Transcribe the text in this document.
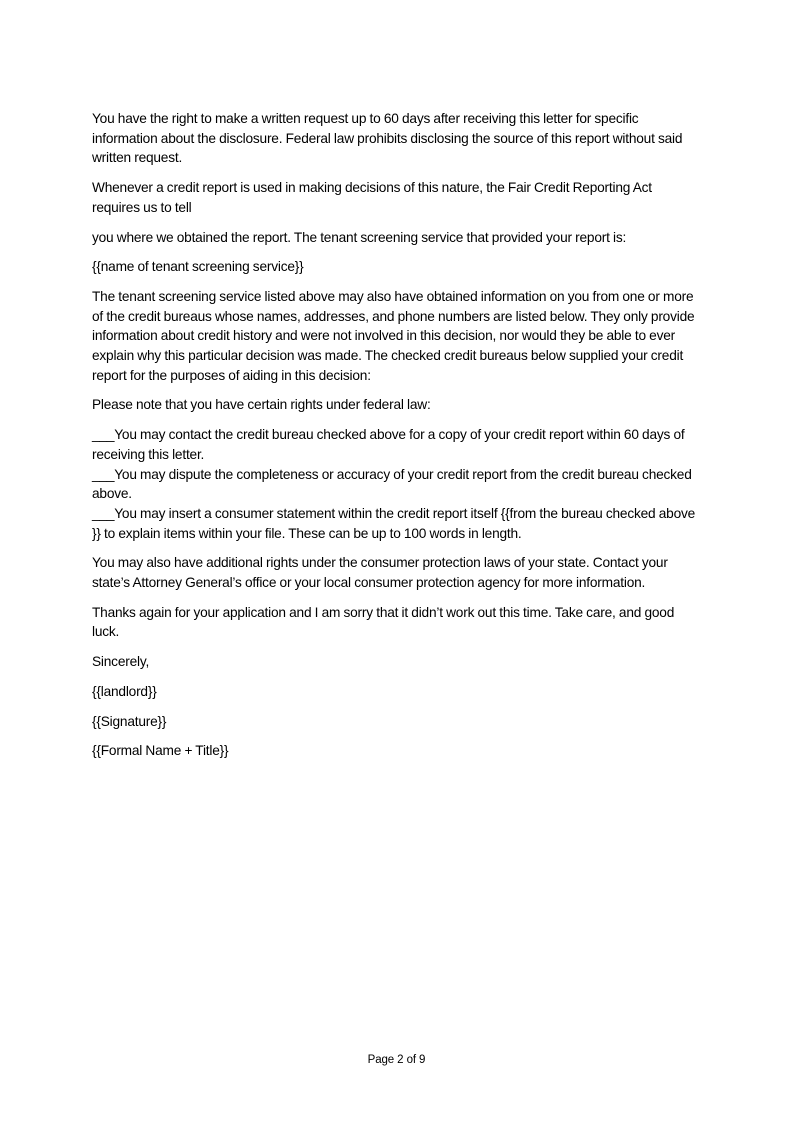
You have the right to make a written request up to 60 days after receiving this letter for specific information about the disclosure. Federal law prohibits disclosing the source of this report without said written request.

Whenever a credit report is used in making decisions of this nature, the Fair Credit Reporting Act requires us to tell

you where we obtained the report. The tenant screening service that provided your report is:

{{name of tenant screening service}}

The tenant screening service listed above may also have obtained information on you from one or more of the credit bureaus whose names, addresses, and phone numbers are listed below. They only provide information about credit history and were not involved in this decision, nor would they be able to ever explain why this particular decision was made. The checked credit bureaus below supplied your credit report for the purposes of aiding in this decision:

Please note that you have certain rights under federal law:

___You may contact the credit bureau checked above for a copy of your credit report within 60 days of receiving this letter.

___You may dispute the completeness or accuracy of your credit report from the credit bureau checked above.

___You may insert a consumer statement within the credit report itself {{from the bureau checked above }} to explain items within your file. These can be up to 100 words in length.

You may also have additional rights under the consumer protection laws of your state. Contact your state’s Attorney General’s office or your local consumer protection agency for more information.

Thanks again for your application and I am sorry that it didn’t work out this time. Take care, and good luck.

Sincerely,

{{landlord}}

{{Signature}}

{{Formal Name + Title}}

Page 2 of 9
